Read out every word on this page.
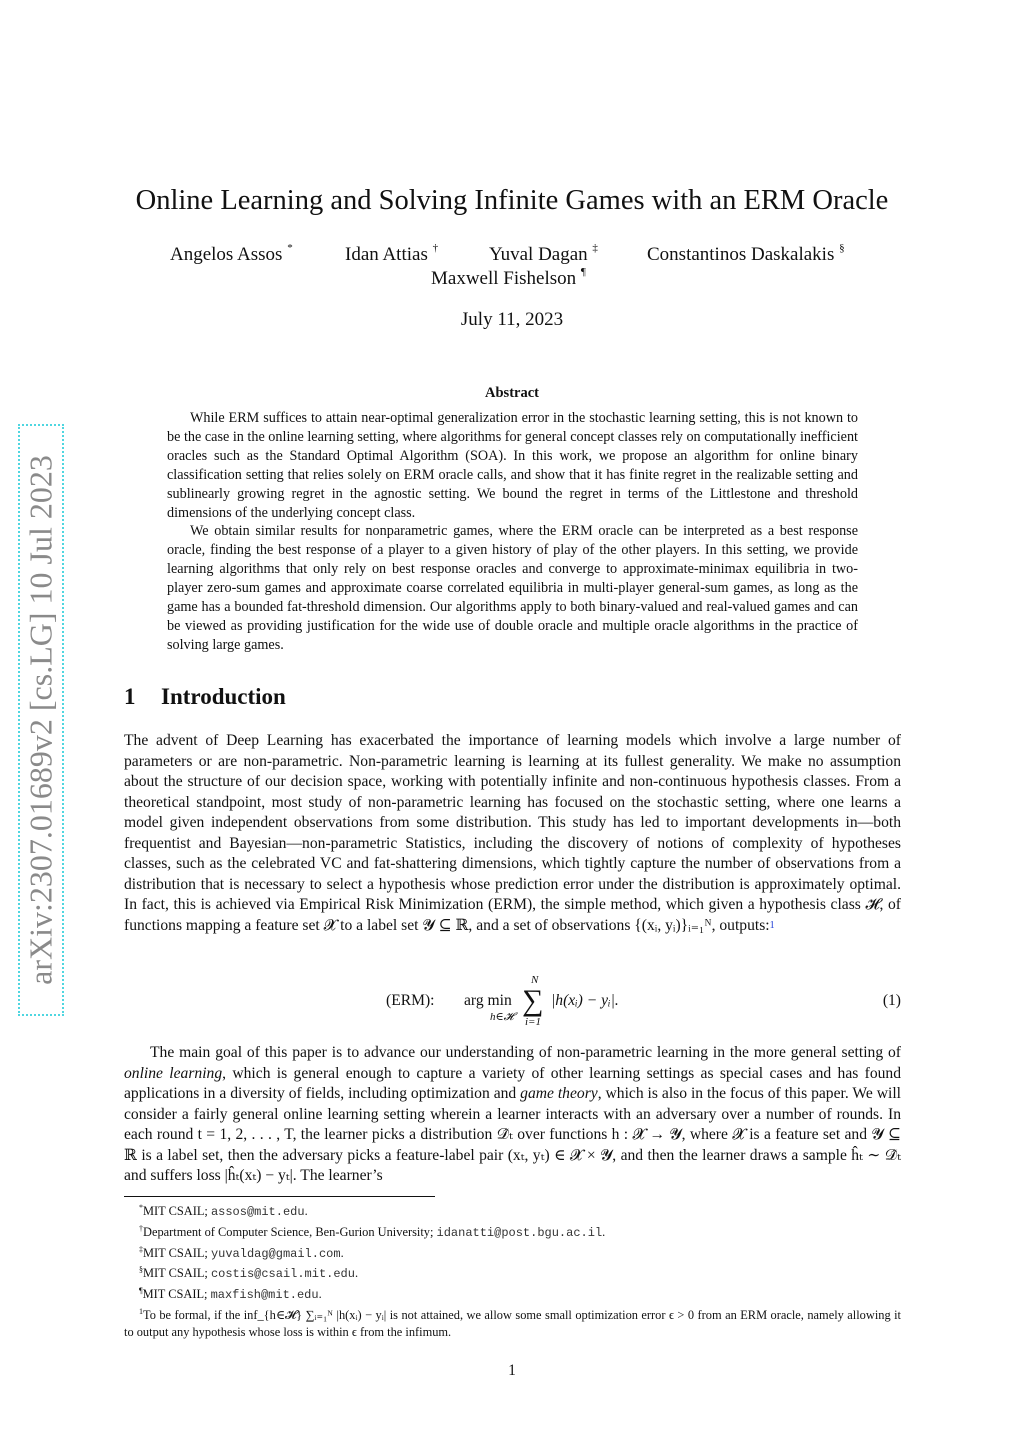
arXiv:2307.01689v2 [cs.LG] 10 Jul 2023
Online Learning and Solving Infinite Games with an ERM Oracle
Angelos Assos *	Idan Attias †	Yuval Dagan ‡	Constantinos Daskalakis §
Maxwell Fishelson ¶
July 11, 2023
Abstract

While ERM suffices to attain near-optimal generalization error in the stochastic learning setting, this is not known to be the case in the online learning setting, where algorithms for general concept classes rely on computationally inefficient oracles such as the Standard Optimal Algorithm (SOA). In this work, we propose an algorithm for online binary classification setting that relies solely on ERM oracle calls, and show that it has finite regret in the realizable setting and sublinearly growing regret in the agnostic setting. We bound the regret in terms of the Littlestone and threshold dimensions of the underlying concept class.

We obtain similar results for nonparametric games, where the ERM oracle can be interpreted as a best response oracle, finding the best response of a player to a given history of play of the other players. In this setting, we provide learning algorithms that only rely on best response oracles and converge to approximate-minimax equilibria in two-player zero-sum games and approximate coarse correlated equilibria in multi-player general-sum games, as long as the game has a bounded fat-threshold dimension. Our algorithms apply to both binary-valued and real-valued games and can be viewed as providing justification for the wide use of double oracle and multiple oracle algorithms in the practice of solving large games.

1 Introduction

The advent of Deep Learning has exacerbated the importance of learning models which involve a large number of parameters or are non-parametric. Non-parametric learning is learning at its fullest generality. We make no assumption about the structure of our decision space, working with potentially infinite and non-continuous hypothesis classes. From a theoretical standpoint, most study of non-parametric learning has focused on the stochastic setting, where one learns a model given independent observations from some distribution. This study has led to important developments in—both frequentist and Bayesian—non-parametric Statistics, including the discovery of notions of complexity of hypotheses classes, such as the celebrated VC and fat-shattering dimensions, which tightly capture the number of observations from a distribution that is necessary to select a hypothesis whose prediction error under the distribution is approximately optimal. In fact, this is achieved via Empirical Risk Minimization (ERM), the simple method, which given a hypothesis class 𝓗, of functions mapping a feature set 𝓧 to a label set 𝓨 ⊆ ℝ, and a set of observations {(xᵢ, yᵢ)}ᵢ₌₁ᴺ, outputs:$^1$

(ERM): arg min
h∈𝓗
N
∑
i=1
|h(xᵢ) − yᵢ|.	(1)

The main goal of this paper is to advance our understanding of non-parametric learning in the more general setting of online learning, which is general enough to capture a variety of other learning settings as special cases and has found applications in a diversity of fields, including optimization and game theory, which is also in the focus of this paper. We will consider a fairly general online learning setting wherein a learner interacts with an adversary over a number of rounds. In each round t = 1, 2, . . . , T, the learner picks a distribution 𝒟̂ₜ over functions h : 𝓧 → 𝓨, where 𝓧 is a feature set and 𝓨 ⊆ ℝ is a label set, then the adversary picks a feature-label pair (xₜ, yₜ) ∈ 𝓧 × 𝓨, and then the learner draws a sample ĥₜ ∼ 𝒟̂ₜ and suffers loss |ĥₜ(xₜ) − yₜ|. The learner’s

*MIT CSAIL; assos@mit.edu.
†Department of Computer Science, Ben-Gurion University; idanatti@post.bgu.ac.il.
‡MIT CSAIL; yuvaldag@gmail.com.
§MIT CSAIL; costis@csail.mit.edu.
¶MIT CSAIL; maxfish@mit.edu.
$^1$To be formal, if the inf_{h∈𝓗} ∑ᵢ₌₁ᴺ |h(xᵢ) − yᵢ| is not attained, we allow some small optimization error ϵ > 0 from an ERM oracle, namely allowing it to output any hypothesis whose loss is within ϵ from the infimum.
1
